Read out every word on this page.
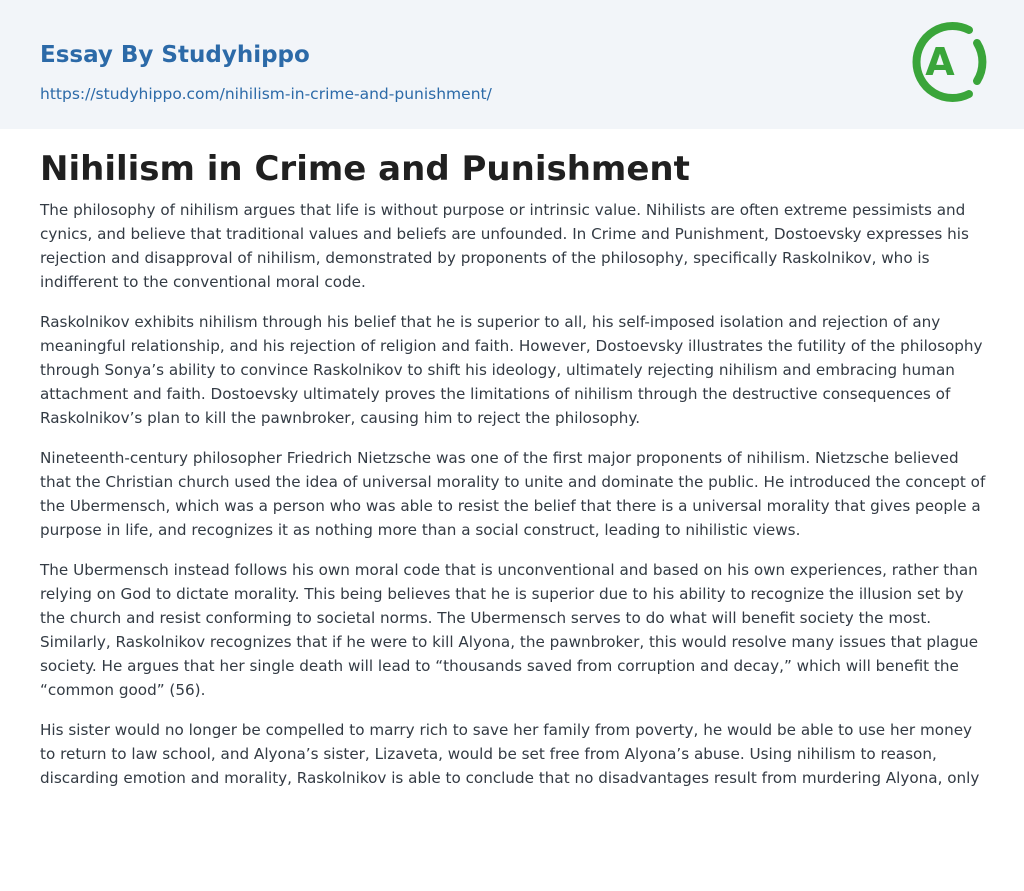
Essay By Studyhippo
https://studyhippo.com/nihilism-in-crime-and-punishment/
A
Nihilism in Crime and Punishment

The philosophy of nihilism argues that life is without purpose or intrinsic value. Nihilists are often extreme pessimists and cynics, and believe that traditional values and beliefs are unfounded. In Crime and Punishment, Dostoevsky expresses his rejection and disapproval of nihilism, demonstrated by proponents of the philosophy, specifically Raskolnikov, who is indifferent to the conventional moral code.

Raskolnikov exhibits nihilism through his belief that he is superior to all, his self-imposed isolation and rejection of any meaningful relationship, and his rejection of religion and faith. However, Dostoevsky illustrates the futility of the philosophy through Sonya’s ability to convince Raskolnikov to shift his ideology, ultimately rejecting nihilism and embracing human attachment and faith. Dostoevsky ultimately proves the limitations of nihilism through the destructive consequences of Raskolnikov’s plan to kill the pawnbroker, causing him to reject the philosophy.

Nineteenth-century philosopher Friedrich Nietzsche was one of the first major proponents of nihilism. Nietzsche believed that the Christian church used the idea of universal morality to unite and dominate the public. He introduced the concept of the Ubermensch, which was a person who was able to resist the belief that there is a universal morality that gives people a purpose in life, and recognizes it as nothing more than a social construct, leading to nihilistic views.

The Ubermensch instead follows his own moral code that is unconventional and based on his own experiences, rather than relying on God to dictate morality. This being believes that he is superior due to his ability to recognize the illusion set by the church and resist conforming to societal norms. The Ubermensch serves to do what will benefit society the most. Similarly, Raskolnikov recognizes that if he were to kill Alyona, the pawnbroker, this would resolve many issues that plague society. He argues that her single death will lead to “thousands saved from corruption and decay,” which will benefit the “common good” (56).

His sister would no longer be compelled to marry rich to save her family from poverty, he would be able to use her money to return to law school, and Alyona’s sister, Lizaveta, would be set free from Alyona’s abuse. Using nihilism to reason, discarding emotion and morality, Raskolnikov is able to conclude that no disadvantages result from murdering Alyona, only
